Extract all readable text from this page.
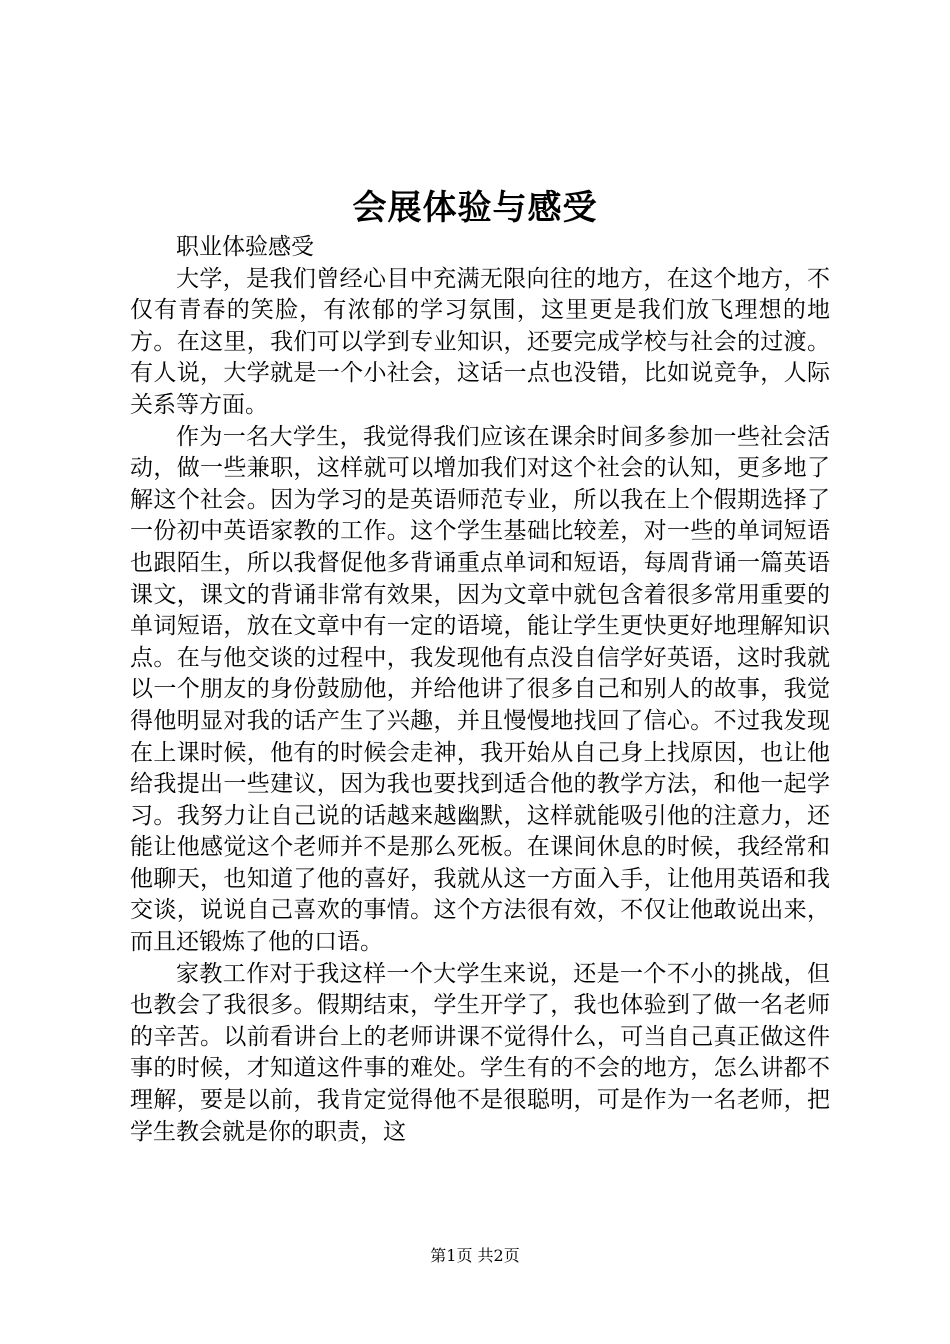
会展体验与感受

职业体验感受

大学，是我们曾经心目中充满无限向往的地方，在这个地方，不仅有青春的笑脸，有浓郁的学习氛围，这里更是我们放飞理想的地方。在这里，我们可以学到专业知识，还要完成学校与社会的过渡。有人说，大学就是一个小社会，这话一点也没错，比如说竞争，人际关系等方面。

作为一名大学生，我觉得我们应该在课余时间多参加一些社会活动，做一些兼职，这样就可以增加我们对这个社会的认知，更多地了解这个社会。因为学习的是英语师范专业，所以我在上个假期选择了一份初中英语家教的工作。这个学生基础比较差，对一些的单词短语也跟陌生，所以我督促他多背诵重点单词和短语，每周背诵一篇英语课文，课文的背诵非常有效果，因为文章中就包含着很多常用重要的单词短语，放在文章中有一定的语境，能让学生更快更好地理解知识点。在与他交谈的过程中，我发现他有点没自信学好英语，这时我就以一个朋友的身份鼓励他，并给他讲了很多自己和别人的故事，我觉得他明显对我的话产生了兴趣，并且慢慢地找回了信心。不过我发现在上课时候，他有的时候会走神，我开始从自己身上找原因，也让他给我提出一些建议，因为我也要找到适合他的教学方法，和他一起学习。我努力让自己说的话越来越幽默，这样就能吸引他的注意力，还能让他感觉这个老师并不是那么死板。在课间休息的时候，我经常和他聊天，也知道了他的喜好，我就从这一方面入手，让他用英语和我交谈，说说自己喜欢的事情。这个方法很有效，不仅让他敢说出来，而且还锻炼了他的口语。

家教工作对于我这样一个大学生来说，还是一个不小的挑战，但也教会了我很多。假期结束，学生开学了，我也体验到了做一名老师的辛苦。以前看讲台上的老师讲课不觉得什么，可当自己真正做这件事的时候，才知道这件事的难处。学生有的不会的地方，怎么讲都不理解，要是以前，我肯定觉得他不是很聪明，可是作为一名老师，把学生教会就是你的职责，这

第1页 共2页
